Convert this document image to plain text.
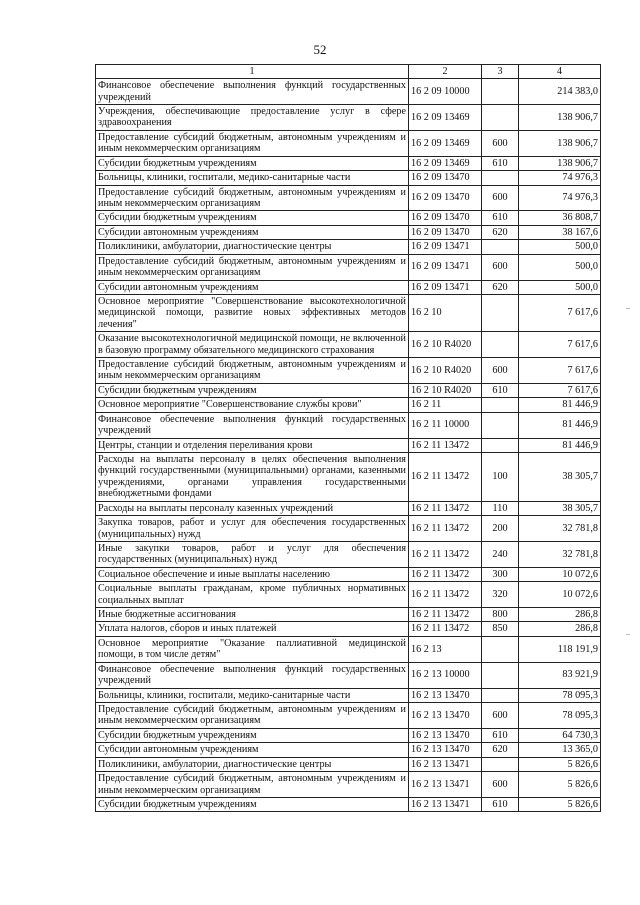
52
1	2	3	4
Финансовое обеспечение выполнения функций государственных учреждений	16 2 09 10000		214 383,0
Учреждения, обеспечивающие предоставление услуг в сфере здравоохранения	16 2 09 13469		138 906,7
Предоставление субсидий бюджетным, автономным учреждениям и иным некоммерческим организациям	16 2 09 13469	600	138 906,7
Субсидии бюджетным учреждениям	16 2 09 13469	610	138 906,7
Больницы, клиники, госпитали, медико-санитарные части	16 2 09 13470		74 976,3
Предоставление субсидий бюджетным, автономным учреждениям и иным некоммерческим организациям	16 2 09 13470	600	74 976,3
Субсидии бюджетным учреждениям	16 2 09 13470	610	36 808,7
Субсидии автономным учреждениям	16 2 09 13470	620	38 167,6
Поликлиники, амбулатории, диагностические центры	16 2 09 13471		500,0
Предоставление субсидий бюджетным, автономным учреждениям и иным некоммерческим организациям	16 2 09 13471	600	500,0
Субсидии автономным учреждениям	16 2 09 13471	620	500,0
Основное мероприятие "Совершенствование высокотехнологичной медицинской помощи, развитие новых эффективных методов лечения"	16 2 10		7 617,6
Оказание высокотехнологичной медицинской помощи, не включенной в базовую программу обязательного медицинского страхования	16 2 10 R4020		7 617,6
Предоставление субсидий бюджетным, автономным учреждениям и иным некоммерческим организациям	16 2 10 R4020	600	7 617,6
Субсидии бюджетным учреждениям	16 2 10 R4020	610	7 617,6
Основное мероприятие "Совершенствование службы крови"	16 2 11		81 446,9
Финансовое обеспечение выполнения функций государственных учреждений	16 2 11 10000		81 446,9
Центры, станции и отделения переливания крови	16 2 11 13472		81 446,9
Расходы на выплаты персоналу в целях обеспечения выполнения функций государственными (муниципальными) органами, казенными учреждениями, органами управления государственными внебюджетными фондами	16 2 11 13472	100	38 305,7
Расходы на выплаты персоналу казенных учреждений	16 2 11 13472	110	38 305,7
Закупка товаров, работ и услуг для обеспечения государственных (муниципальных) нужд	16 2 11 13472	200	32 781,8
Иные закупки товаров, работ и услуг для обеспечения государственных (муниципальных) нужд	16 2 11 13472	240	32 781,8
Социальное обеспечение и иные выплаты населению	16 2 11 13472	300	10 072,6
Социальные выплаты гражданам, кроме публичных нормативных социальных выплат	16 2 11 13472	320	10 072,6
Иные бюджетные ассигнования	16 2 11 13472	800	286,8
Уплата налогов, сборов и иных платежей	16 2 11 13472	850	286,8
Основное мероприятие "Оказание паллиативной медицинской помощи, в том числе детям"	16 2 13		118 191,9
Финансовое обеспечение выполнения функций государственных учреждений	16 2 13 10000		83 921,9
Больницы, клиники, госпитали, медико-санитарные части	16 2 13 13470		78 095,3
Предоставление субсидий бюджетным, автономным учреждениям и иным некоммерческим организациям	16 2 13 13470	600	78 095,3
Субсидии бюджетным учреждениям	16 2 13 13470	610	64 730,3
Субсидии автономным учреждениям	16 2 13 13470	620	13 365,0
Поликлиники, амбулатории, диагностические центры	16 2 13 13471		5 826,6
Предоставление субсидий бюджетным, автономным учреждениям и иным некоммерческим организациям	16 2 13 13471	600	5 826,6
Субсидии бюджетным учреждениям	16 2 13 13471	610	5 826,6
